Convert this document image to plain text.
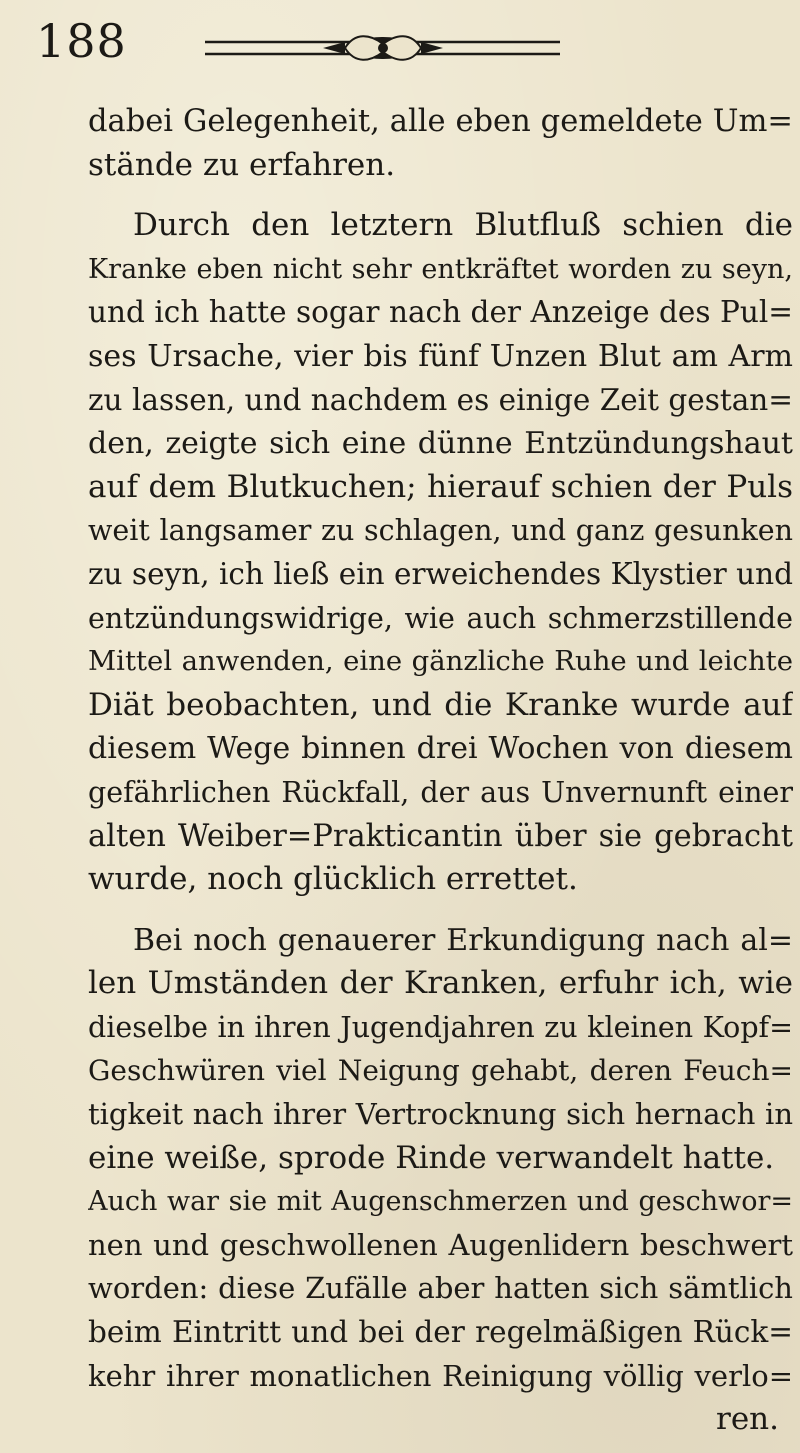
188
dabei Gelegenheit, alle eben gemeldete Um=
stände zu erfahren.
Durch den letztern Blutfluß schien die
Kranke eben nicht sehr entkräftet worden zu seyn,
und ich hatte sogar nach der Anzeige des Pul=
ses Ursache, vier bis fünf Unzen Blut am Arm
zu lassen, und nachdem es einige Zeit gestan=
den, zeigte sich eine dünne Entzündungshaut
auf dem Blutkuchen; hierauf schien der Puls
weit langsamer zu schlagen, und ganz gesunken
zu seyn, ich ließ ein erweichendes Klystier und
entzündungswidrige, wie auch schmerzstillende
Mittel anwenden, eine gänzliche Ruhe und leichte
Diät beobachten, und die Kranke wurde auf
diesem Wege binnen drei Wochen von diesem
gefährlichen Rückfall, der aus Unvernunft einer
alten Weiber=Prakticantin über sie gebracht
wurde, noch glücklich errettet.
Bei noch genauerer Erkundigung nach al=
len Umständen der Kranken, erfuhr ich, wie
dieselbe in ihren Jugendjahren zu kleinen Kopf=
Geschwüren viel Neigung gehabt, deren Feuch=
tigkeit nach ihrer Vertrocknung sich hernach in
eine weiße, sprode Rinde verwandelt hatte.
Auch war sie mit Augenschmerzen und geschwor=
nen und geschwollenen Augenlidern beschwert
worden: diese Zufälle aber hatten sich sämtlich
beim Eintritt und bei der regelmäßigen Rück=
kehr ihrer monatlichen Reinigung völlig verlo=
ren.
